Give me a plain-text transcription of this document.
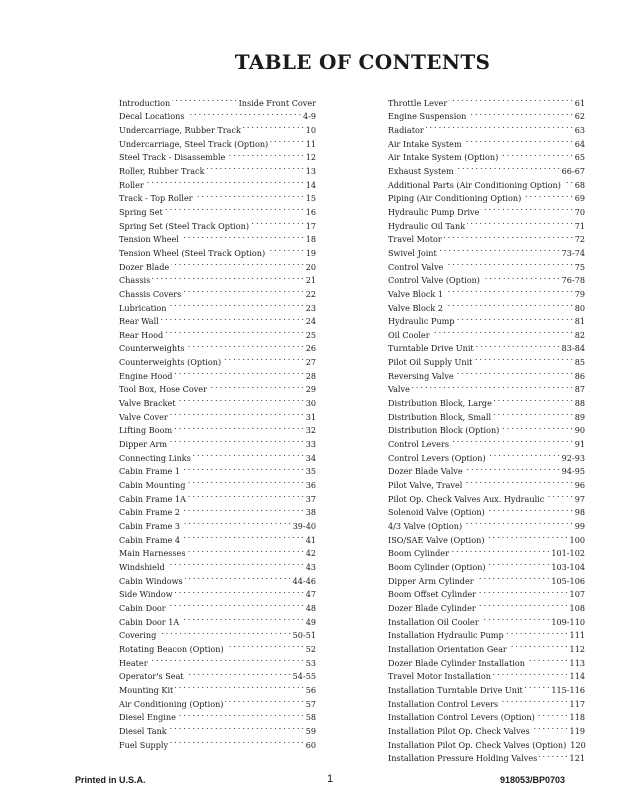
TABLE OF CONTENTS
Introduction . . .	Inside Front Cover
Decal Locations . . .	4-9
Undercarriage, Rubber Track . . .	10
Undercarriage, Steel Track (Option) . . .	11
Steel Track - Disassemble . . .	12
Roller, Rubber Track . . .	13
Roller . . .	14
Track - Top Roller . . .	15
Spring Set . . .	16
Spring Set (Steel Track Option) . . .	17
Tension Wheel . . .	18
Tension Wheel (Steel Track Option) . . .	19
Dozer Blade . . .	20
Chassis . . .	21
Chassis Covers . . .	22
Lubrication . . .	23
Rear Wall . . .	24
Rear Hood . . .	25
Counterweights . . .	26
Counterweights (Option) . . .	27
Engine Hood . . .	28
Tool Box, Hose Cover . . .	29
Valve Bracket . . .	30
Valve Cover . . .	31
Lifting Boom . . .	32
Dipper Arm . . .	33
Connecting Links . . .	34
Cabin Frame 1 . . .	35
Cabin Mounting . . .	36
Cabin Frame 1A . . .	37
Cabin Frame 2 . . .	38
Cabin Frame 3 . . .	39-40
Cabin Frame 4 . . .	41
Main Harnesses . . .	42
Windshield . . .	43
Cabin Windows . . .	44-46
Side Window . . .	47
Cabin Door . . .	48
Cabin Door 1A . . .	49
Covering . . .	50-51
Rotating Beacon (Option) . . .	52
Heater . . .	53
Operator's Seat . . .	54-55
Mounting Kit . . .	56
Air Conditioning (Option) . . .	57
Diesel Engine . . .	58
Diesel Tank . . .	59
Fuel Supply . . .	60
Throttle Lever . . .	61
Engine Suspension . . .	62
Radiator . . .	63
Air Intake System . . .	64
Air Intake System (Option) . . .	65
Exhaust System . . .	66-67
Additional Parts (Air Conditioning Option) . . . 68
Piping (Air Conditioning Option) . . .	69
Hydraulic Pump Drive . . .	70
Hydraulic Oil Tank . . .	71
Travel Motor . . .	72
Swivel Joint . . .	73-74
Control Valve . . .	75
Control Valve (Option) . . .	76-78
Valve Block 1 . . .	79
Valve Block 2 . . .	80
Hydraulic Pump . . .	81
Oil Cooler . . .	82
Turntable Drive Unit . . .	83-84
Pilot Oil Supply Unit . . .	85
Reversing Valve . . .	86
Valve . . .	87
Distribution Block, Large . . .	88
Distribution Block, Small . . .	89
Distribution Block (Option) . . .	90
Control Levers . . .	91
Control Levers (Option) . . .	92-93
Dozer Blade Valve . . .	94-95
Pilot Valve, Travel . . .	96
Pilot Op. Check Valves Aux. Hydraulic . . .	97
Solenoid Valve (Option) . . .	98
4/3 Valve (Option) . . .	99
ISO/SAE Valve (Option) . . .	100
Boom Cylinder . . .	101-102
Boom Cylinder (Option) . . .	103-104
Dipper Arm Cylinder . . .	105-106
Boom Offset Cylinder . . .	107
Dozer Blade Cylinder . . .	108
Installation Oil Cooler . . .	109-110
Installation Hydraulic Pump . . .	111
Installation Orientation Gear . . .	112
Dozer Blade Cylinder Installation . . .	113
Travel Motor Installation . . .	114
Installation Turntable Drive Unit . . .	115-116
Installation Control Levers . . .	117
Installation Control Levers (Option) . . .	118
Installation Pilot Op. Check Valves . . .	119
Installation Pilot Op. Check Valves (Option) 120
Installation Pressure Holding Valves . . .	121
Printed in U.S.A.	1	918053/BP0703
